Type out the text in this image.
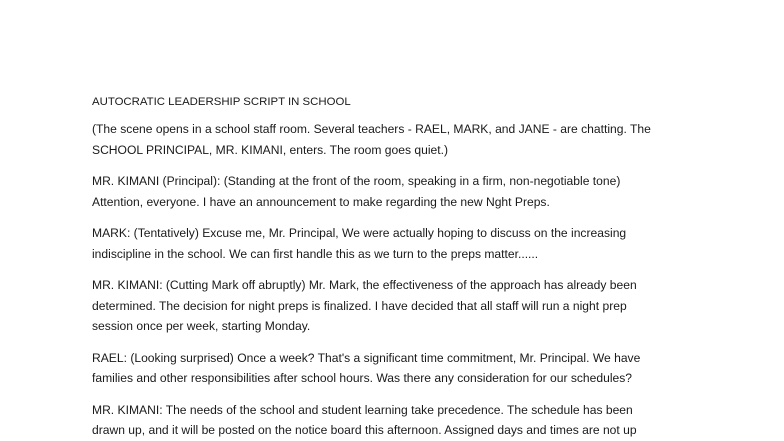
AUTOCRATIC LEADERSHIP SCRIPT IN SCHOOL
(The scene opens in a school staff room. Several teachers - RAEL, MARK, and JANE - are chatting. The
SCHOOL PRINCIPAL, MR. KIMANI, enters. The room goes quiet.)
MR. KIMANI (Principal): (Standing at the front of the room, speaking in a firm, non-negotiable tone)
Attention, everyone. I have an announcement to make regarding the new Nght Preps.
MARK: (Tentatively) Excuse me, Mr. Principal, We were actually hoping to discuss on the increasing
indiscipline in the school. We can first handle this as we turn to the preps matter......
MR. KIMANI: (Cutting Mark off abruptly) Mr. Mark, the effectiveness of the approach has already been
determined. The decision for night preps is finalized. I have decided that all staff will run a night prep
session once per week, starting Monday.
RAEL: (Looking surprised) Once a week? That's a significant time commitment, Mr. Principal. We have
families and other responsibilities after school hours. Was there any consideration for our schedules?
MR. KIMANI: The needs of the school and student learning take precedence. The schedule has been
drawn up, and it will be posted on the notice board this afternoon. Assigned days and times are not up
